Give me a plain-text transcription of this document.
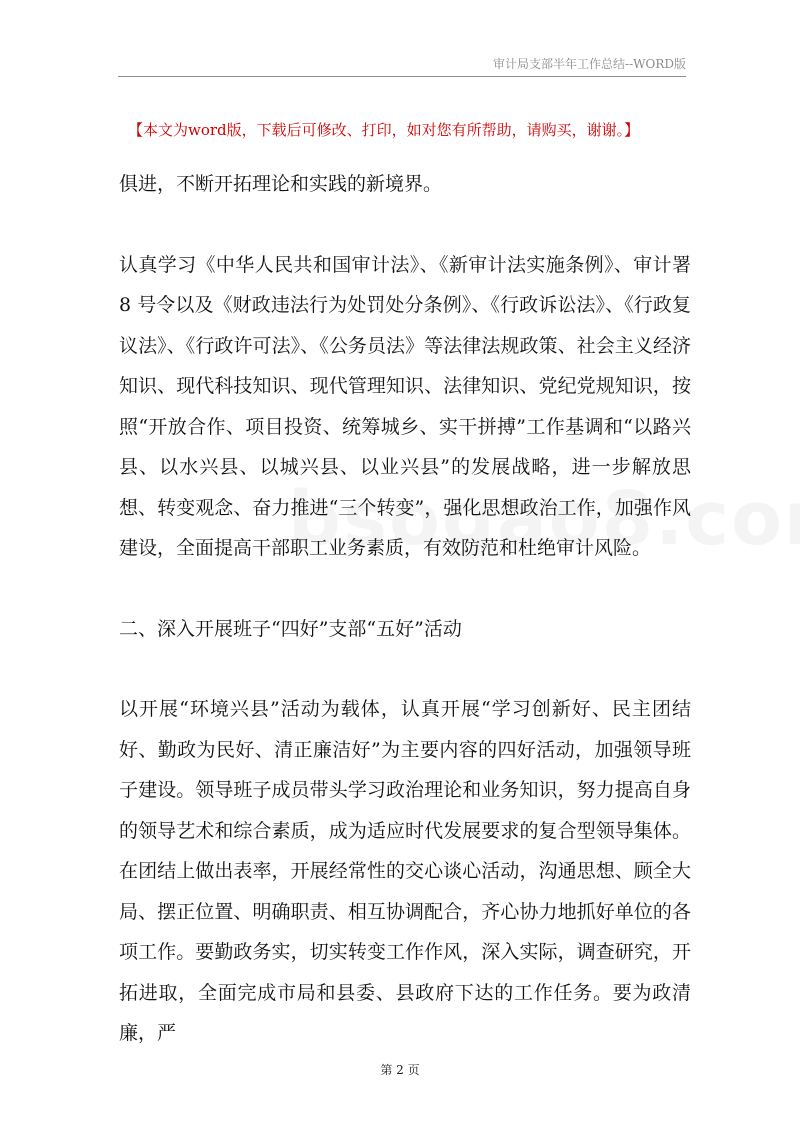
审计局支部半年工作总结--WORD版
【本文为word版，下载后可修改、打印，如对您有所帮助，请购买，谢谢。】

俱进，不断开拓理论和实践的新境界。

认真学习《中华人民共和国审计法》、《新审计法实施条例》、审计署 8 号令以及《财政违法行为处罚处分条例》、《行政诉讼法》、《行政复议法》、《行政许可法》、《公务员法》等法律法规政策、社会主义经济知识、现代科技知识、现代管理知识、法律知识、党纪党规知识，按照“开放合作、项目投资、统筹城乡、实干拼搏”工作基调和“以路兴县、以水兴县、以城兴县、以业兴县”的发展战略，进一步解放思想、转变观念、奋力推进“三个转变”，强化思想政治工作，加强作风建设，全面提高干部职工业务素质，有效防范和杜绝审计风险。

二、深入开展班子“四好”支部“五好”活动

以开展“环境兴县”活动为载体，认真开展“学习创新好、民主团结好、勤政为民好、清正廉洁好”为主要内容的四好活动，加强领导班子建设。领导班子成员带头学习政治理论和业务知识，努力提高自身的领导艺术和综合素质，成为适应时代发展要求的复合型领导集体。在团结上做出表率，开展经常性的交心谈心活动，沟通思想、顾全大局、摆正位置、明确职责、相互协调配合，齐心协力地抓好单位的各项工作。要勤政务实，切实转变工作作风，深入实际，调查研究，开拓进取，全面完成市局和县委、县政府下达的工作任务。要为政清廉，严

第 2 页
